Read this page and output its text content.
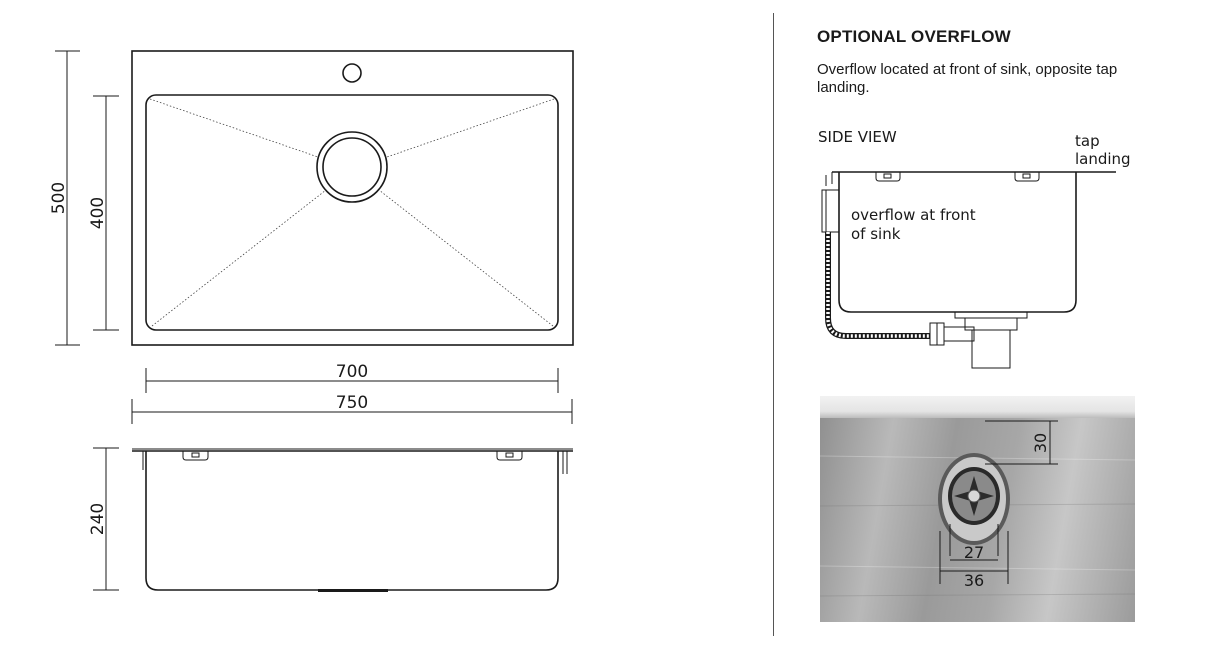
500 400
700
750
240
OPTIONAL OVERFLOW
Overflow located at front of sink, opposite tap landing.
SIDE VIEW	tap landing
overflow at front of sink
30
27
36
